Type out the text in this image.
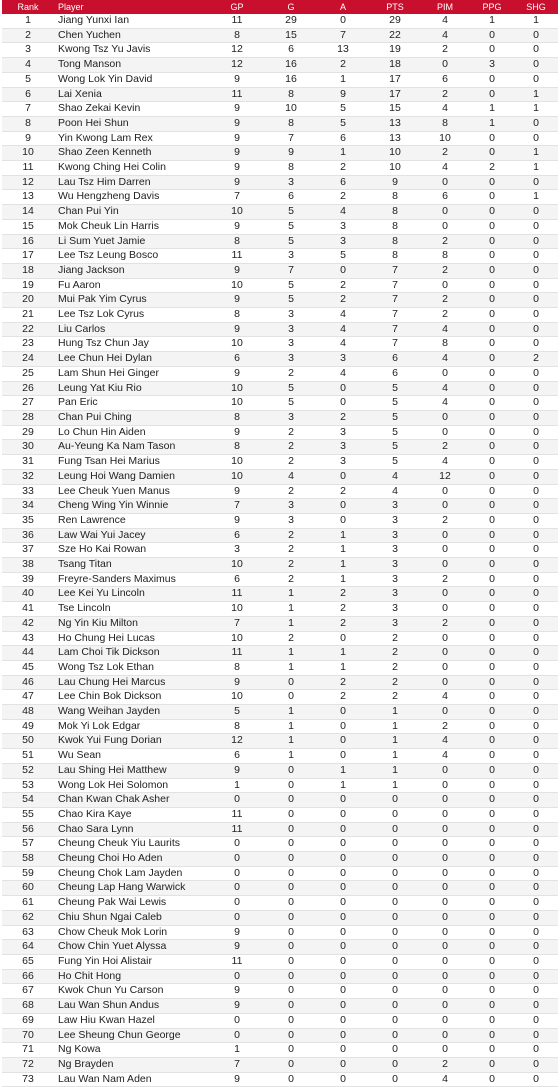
Rank	Player	GP	G	A	PTS	PIM	PPG	SHG
1	Jiang Yunxi Ian	11	29	0	29	4	1	1
2	Chen Yuchen	8	15	7	22	4	0	0
3	Kwong Tsz Yu Javis	12	6	13	19	2	0	0
4	Tong Manson	12	16	2	18	0	3	0
5	Wong Lok Yin David	9	16	1	17	6	0	0
6	Lai Xenia	11	8	9	17	2	0	1
7	Shao Zekai Kevin	9	10	5	15	4	1	1
8	Poon Hei Shun	9	8	5	13	8	1	0
9	Yin Kwong Lam Rex	9	7	6	13	10	0	0
10	Shao Zeen Kenneth	9	9	1	10	2	0	1
11	Kwong Ching Hei Colin	9	8	2	10	4	2	1
12	Lau Tsz Him Darren	9	3	6	9	0	0	0
13	Wu Hengzheng Davis	7	6	2	8	6	0	1
14	Chan Pui Yin	10	5	4	8	0	0	0
15	Mok Cheuk Lin Harris	9	5	3	8	0	0	0
16	Li Sum Yuet Jamie	8	5	3	8	2	0	0
17	Lee Tsz Leung Bosco	11	3	5	8	8	0	0
18	Jiang Jackson	9	7	0	7	2	0	0
19	Fu Aaron	10	5	2	7	0	0	0
20	Mui Pak Yim Cyrus	9	5	2	7	2	0	0
21	Lee Tsz Lok Cyrus	8	3	4	7	2	0	0
22	Liu Carlos	9	3	4	7	4	0	0
23	Hung Tsz Chun Jay	10	3	4	7	8	0	0
24	Lee Chun Hei Dylan	6	3	3	6	4	0	2
25	Lam Shun Hei Ginger	9	2	4	6	0	0	0
26	Leung Yat Kiu Rio	10	5	0	5	4	0	0
27	Pan Eric	10	5	0	5	4	0	0
28	Chan Pui Ching	8	3	2	5	0	0	0
29	Lo Chun Hin Aiden	9	2	3	5	0	0	0
30	Au-Yeung Ka Nam Tason	8	2	3	5	2	0	0
31	Fung Tsan Hei Marius	10	2	3	5	4	0	0
32	Leung Hoi Wang Damien	10	4	0	4	12	0	0
33	Lee Cheuk Yuen Manus	9	2	2	4	0	0	0
34	Cheng Wing Yin Winnie	7	3	0	3	0	0	0
35	Ren Lawrence	9	3	0	3	2	0	0
36	Law Wai Yui Jacey	6	2	1	3	0	0	0
37	Sze Ho Kai Rowan	3	2	1	3	0	0	0
38	Tsang Titan	10	2	1	3	0	0	0
39	Freyre-Sanders Maximus	6	2	1	3	2	0	0
40	Lee Kei Yu Lincoln	11	1	2	3	0	0	0
41	Tse Lincoln	10	1	2	3	0	0	0
42	Ng Yin Kiu Milton	7	1	2	3	2	0	0
43	Ho Chung Hei Lucas	10	2	0	2	0	0	0
44	Lam Choi Tik Dickson	11	1	1	2	0	0	0
45	Wong Tsz Lok Ethan	8	1	1	2	0	0	0
46	Lau Chung Hei Marcus	9	0	2	2	0	0	0
47	Lee Chin Bok Dickson	10	0	2	2	4	0	0
48	Wang Weihan Jayden	5	1	0	1	0	0	0
49	Mok Yi Lok Edgar	8	1	0	1	2	0	0
50	Kwok Yui Fung Dorian	12	1	0	1	4	0	0
51	Wu Sean	6	1	0	1	4	0	0
52	Lau Shing Hei Matthew	9	0	1	1	0	0	0
53	Wong Lok Hei Solomon	1	0	1	1	0	0	0
54	Chan Kwan Chak Asher	0	0	0	0	0	0	0
55	Chao Kira Kaye	11	0	0	0	0	0	0
56	Chao Sara Lynn	11	0	0	0	0	0	0
57	Cheung Cheuk Yiu Laurits	0	0	0	0	0	0	0
58	Cheung Choi Ho Aden	0	0	0	0	0	0	0
59	Cheung Chok Lam Jayden	0	0	0	0	0	0	0
60	Cheung Lap Hang Warwick	0	0	0	0	0	0	0
61	Cheung Pak Wai Lewis	0	0	0	0	0	0	0
62	Chiu Shun Ngai Caleb	0	0	0	0	0	0	0
63	Chow Cheuk Mok Lorin	9	0	0	0	0	0	0
64	Chow Chin Yuet Alyssa	9	0	0	0	0	0	0
65	Fung Yin Hoi Alistair	11	0	0	0	0	0	0
66	Ho Chit Hong	0	0	0	0	0	0	0
67	Kwok Chun Yu Carson	9	0	0	0	0	0	0
68	Lau Wan Shun Andus	9	0	0	0	0	0	0
69	Law Hiu Kwan Hazel	0	0	0	0	0	0	0
70	Lee Sheung Chun George	0	0	0	0	0	0	0
71	Ng Kowa	1	0	0	0	0	0	0
72	Ng Brayden	7	0	0	0	2	0	0
73	Lau Wan Nam Aden	9	0	0	0	4	0	0
